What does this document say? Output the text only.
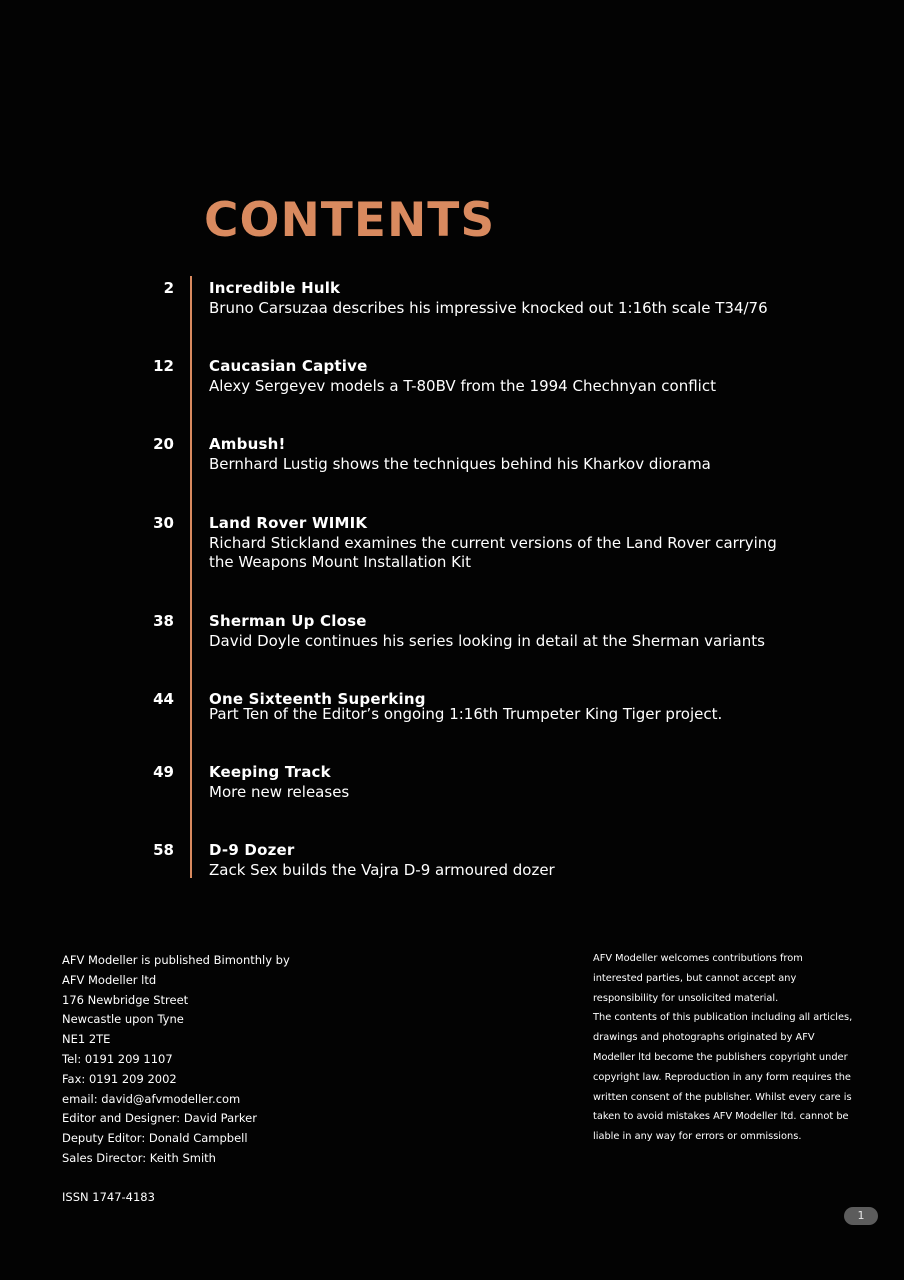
CONTENTS
2 Incredible Hulk
Bruno Carsuzaa describes his impressive knocked out 1:16th scale T34/76
12 Caucasian Captive
Alexy Sergeyev models a T-80BV from the 1994 Chechnyan conflict
20 Ambush!
Bernhard Lustig shows the techniques behind his Kharkov diorama
30 Land Rover WIMIK
Richard Stickland examines the current versions of the Land Rover carrying
the Weapons Mount Installation Kit
38 Sherman Up Close
David Doyle continues his series looking in detail at the Sherman variants
44 One Sixteenth Superking
Part Ten of the Editor’s ongoing 1:16th Trumpeter King Tiger project.
49 Keeping Track
More new releases
58 D-9 Dozer
Zack Sex builds the Vajra D-9 armoured dozer
AFV Modeller is published Bimonthly by
AFV Modeller ltd
176 Newbridge Street
Newcastle upon Tyne
NE1 2TE
Tel: 0191 209 1107
Fax: 0191 209 2002
email: david@afvmodeller.com
Editor and Designer: David Parker
Deputy Editor: Donald Campbell
Sales Director: Keith Smith
ISSN 1747-4183
AFV Modeller welcomes contributions from
interested parties, but cannot accept any
responsibility for unsolicited material.
The contents of this publication including all articles,
drawings and photographs originated by AFV
Modeller ltd become the publishers copyright under
copyright law. Reproduction in any form requires the
written consent of the publisher. Whilst every care is
taken to avoid mistakes AFV Modeller ltd. cannot be
liable in any way for errors or ommissions.
1
